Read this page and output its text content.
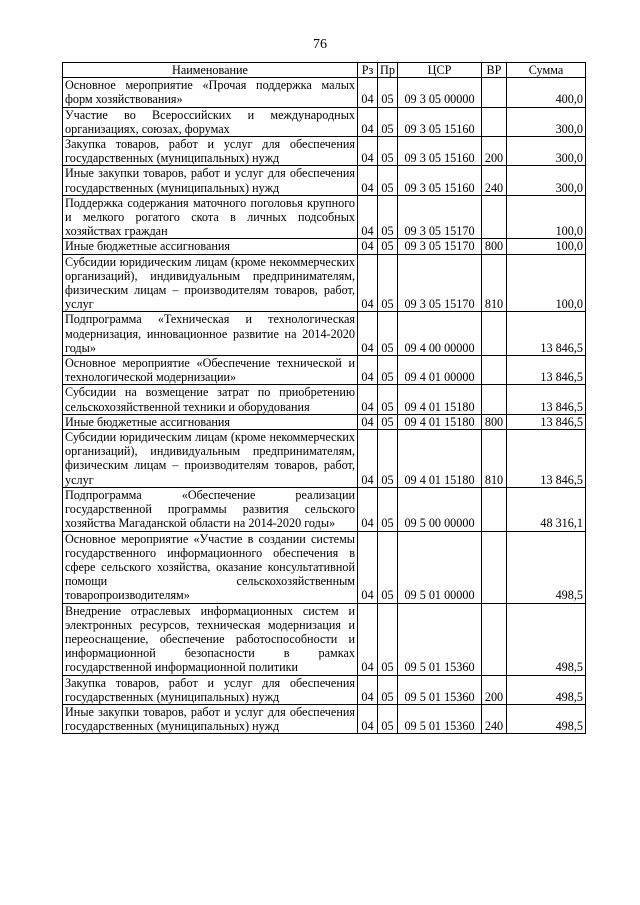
76
Наименование	Рз	Пр	ЦСР	ВР	Сумма
Основное мероприятие «Прочая поддержка малых форм хозяйствования»	04	05	09 3 05 00000		400,0
Участие во Всероссийских и международных организациях, союзах, форумах	04	05	09 3 05 15160		300,0
Закупка товаров, работ и услуг для обеспечения государственных (муниципальных) нужд	04	05	09 3 05 15160	200	300,0
Иные закупки товаров, работ и услуг для обеспечения государственных (муниципальных) нужд	04	05	09 3 05 15160	240	300,0
Поддержка содержания маточного поголовья крупного и мелкого рогатого скота в личных подсобных хозяйствах граждан	04	05	09 3 05 15170		100,0
Иные бюджетные ассигнования	04	05	09 3 05 15170	800	100,0
Субсидии юридическим лицам (кроме некоммерческих организаций), индивидуальным предпринимателям, физическим лицам – производителям товаров, работ, услуг	04	05	09 3 05 15170	810	100,0
Подпрограмма «Техническая и технологическая модернизация, инновационное развитие на 2014-2020 годы»	04	05	09 4 00 00000		13 846,5
Основное мероприятие «Обеспечение технической и технологической модернизации»	04	05	09 4 01 00000		13 846,5
Субсидии на возмещение затрат по приобретению сельскохозяйственной техники и оборудования	04	05	09 4 01 15180		13 846,5
Иные бюджетные ассигнования	04	05	09 4 01 15180	800	13 846,5
Субсидии юридическим лицам (кроме некоммерческих организаций), индивидуальным предпринимателям, физическим лицам – производителям товаров, работ, услуг	04	05	09 4 01 15180	810	13 846,5
Подпрограмма «Обеспечение реализации государственной программы развития сельского хозяйства Магаданской области на 2014-2020 годы»	04	05	09 5 00 00000		48 316,1
Основное мероприятие «Участие в создании системы государственного информационного обеспечения в сфере сельского хозяйства, оказание консультативной помощи сельскохозяйственным товаропроизводителям»	04	05	09 5 01 00000		498,5
Внедрение отраслевых информационных систем и электронных ресурсов, техническая модернизация и переоснащение, обеспечение работоспособности и информационной безопасности в рамках государственной информационной политики	04	05	09 5 01 15360		498,5
Закупка товаров, работ и услуг для обеспечения государственных (муниципальных) нужд	04	05	09 5 01 15360	200	498,5
Иные закупки товаров, работ и услуг для обеспечения государственных (муниципальных) нужд	04	05	09 5 01 15360	240	498,5
